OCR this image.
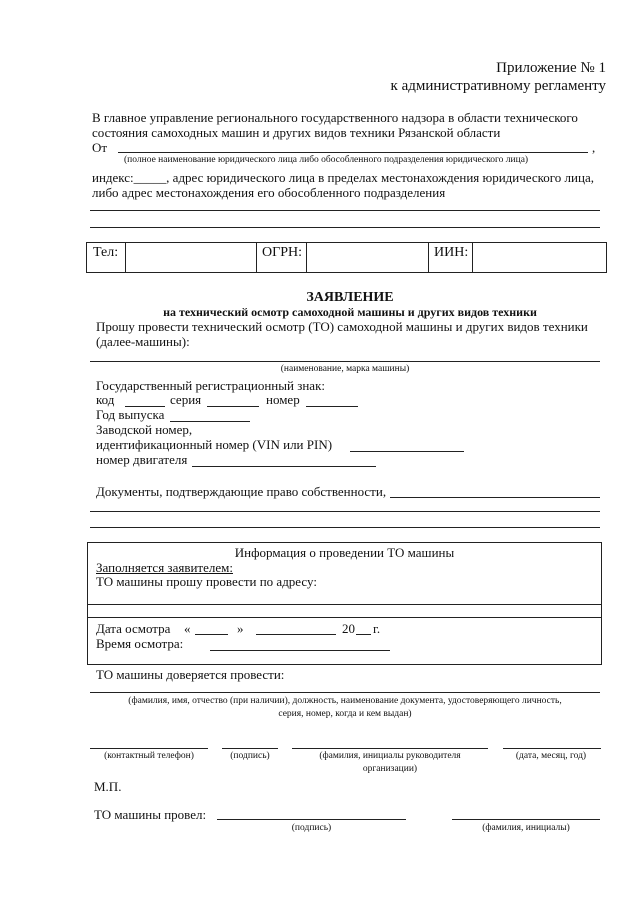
Приложение № 1
к административному регламенту
В главное управление регионального государственного надзора в области технического
состояния самоходных машин и других видов техники Рязанской области
От	,
(полное наименование юридического лица либо обособленного подразделения юридического лица)
индекс:_____, адрес юридического лица в пределах местонахождения юридического лица,
либо адрес местонахождения его обособленного подразделения
Тел:	ОГРН:	ИИН:
ЗАЯВЛЕНИЕ
на технический осмотр самоходной машины и других видов техники
Прошу провести технический осмотр (ТО) самоходной машины и других видов техники
(далее-машины):
(наименование, марка машины)
Государственный регистрационный знак:
код	серия	номер
Год выпуска
Заводской номер,
идентификационный номер (VIN или PIN)
номер двигателя
Документы, подтверждающие право собственности,
Информация о проведении ТО машины
Заполняется заявителем:
ТО машины прошу провести по адресу:
Дата осмотра «	»	20 г.
Время осмотра:
ТО машины доверяется провести:
(фамилия, имя, отчество (при наличии), должность, наименование документа, удостоверяющего личность,
серия, номер, когда и кем выдан)
(контактный телефон)	(подпись)	(фамилия, инициалы руководителя
организации)
(дата, месяц, год)
М.П.
ТО машины провел:
(подпись)	(фамилия, инициалы)
